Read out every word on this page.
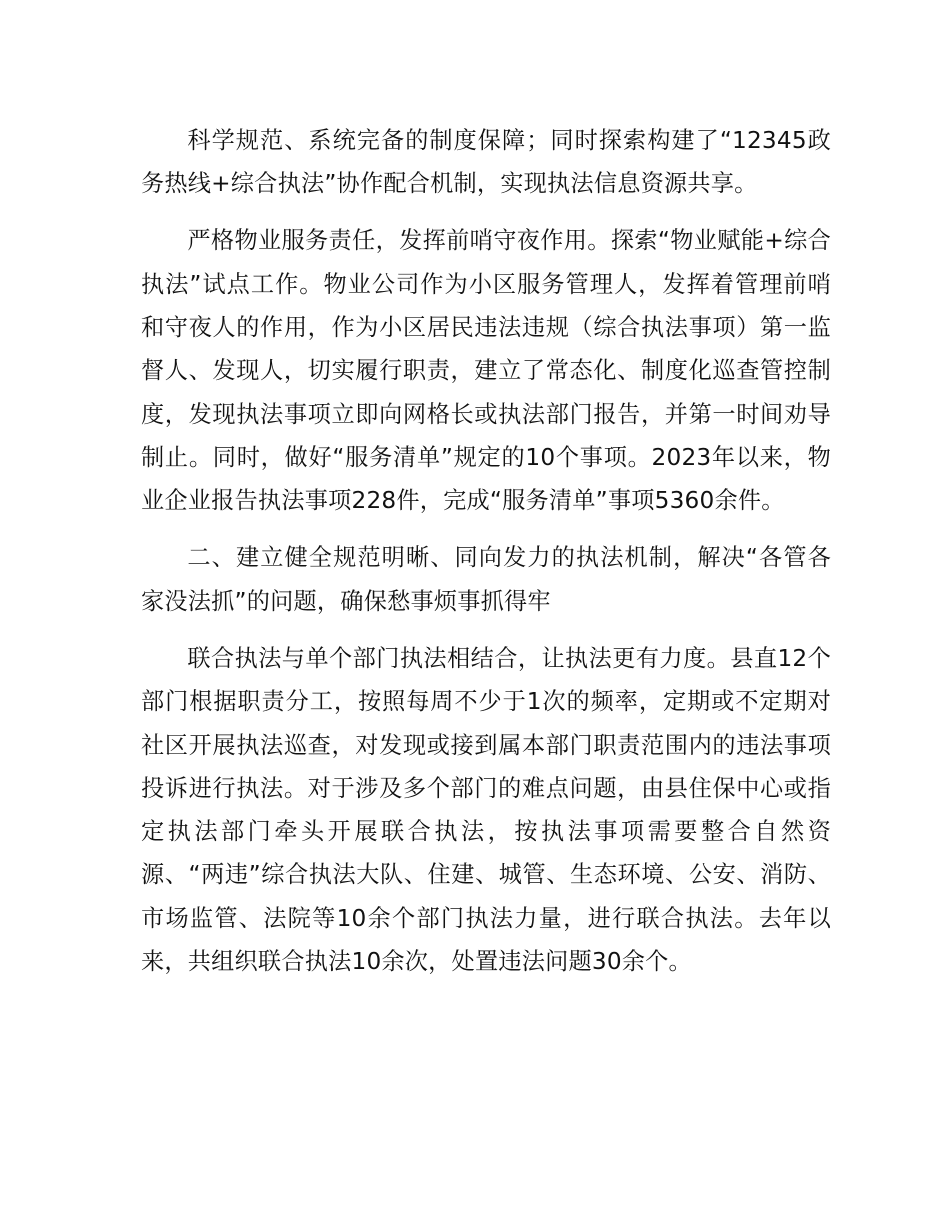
科学规范、系统完备的制度保障；同时探索构建了“12345政务热线+综合执法”协作配合机制，实现执法信息资源共享。

严格物业服务责任，发挥前哨守夜作用。探索“物业赋能+综合执法”试点工作。物业公司作为小区服务管理人，发挥着管理前哨和守夜人的作用，作为小区居民违法违规（综合执法事项）第一监督人、发现人，切实履行职责，建立了常态化、制度化巡查管控制度，发现执法事项立即向网格长或执法部门报告，并第一时间劝导制止。同时，做好“服务清单”规定的10个事项。2023年以来，物业企业报告执法事项228件，完成“服务清单”事项5360余件。

二、建立健全规范明晰、同向发力的执法机制，解决“各管各家没法抓”的问题，确保愁事烦事抓得牢

联合执法与单个部门执法相结合，让执法更有力度。县直12个部门根据职责分工，按照每周不少于1次的频率，定期或不定期对社区开展执法巡查，对发现或接到属本部门职责范围内的违法事项投诉进行执法。对于涉及多个部门的难点问题，由县住保中心或指定执法部门牵头开展联合执法，按执法事项需要整合自然资源、“两违”综合执法大队、住建、城管、生态环境、公安、消防、市场监管、法院等10余个部门执法力量，进行联合执法。去年以来，共组织联合执法10余次，处置违法问题30余个。
